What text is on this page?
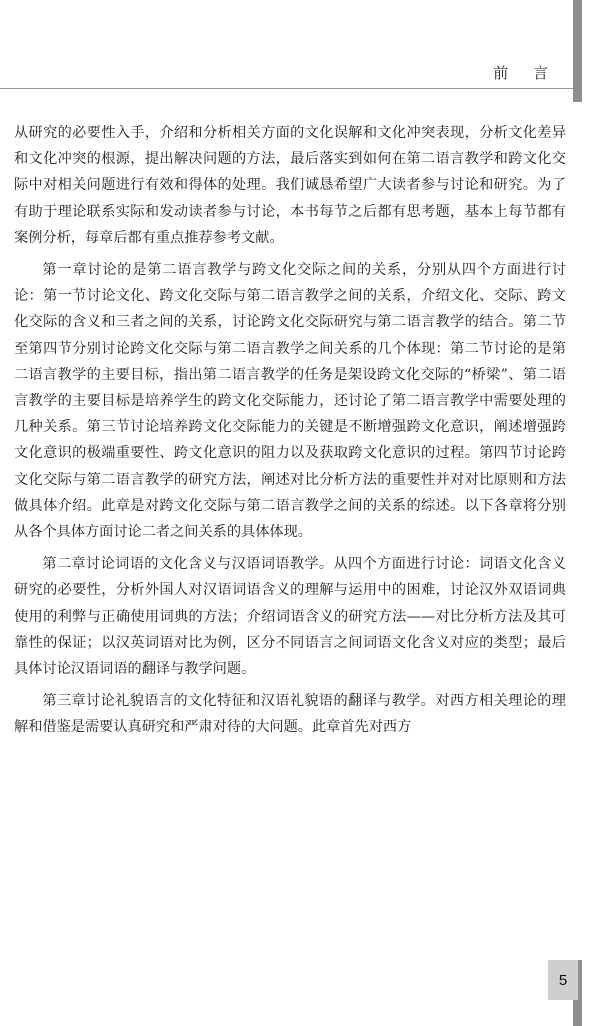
前 言

从研究的必要性入手，介绍和分析相关方面的文化误解和文化冲突表现，分析文化差异和文化冲突的根源，提出解决问题的方法，最后落实到如何在第二语言教学和跨文化交际中对相关问题进行有效和得体的处理。我们诚恳希望广大读者参与讨论和研究。为了有助于理论联系实际和发动读者参与讨论，本书每节之后都有思考题，基本上每节都有案例分析，每章后都有重点推荐参考文献。

第一章讨论的是第二语言教学与跨文化交际之间的关系，分别从四个方面进行讨论：第一节讨论文化、跨文化交际与第二语言教学之间的关系，介绍文化、交际、跨文化交际的含义和三者之间的关系，讨论跨文化交际研究与第二语言教学的结合。第二节至第四节分别讨论跨文化交际与第二语言教学之间关系的几个体现：第二节讨论的是第二语言教学的主要目标，指出第二语言教学的任务是架设跨文化交际的“桥梁”、第二语言教学的主要目标是培养学生的跨文化交际能力，还讨论了第二语言教学中需要处理的几种关系。第三节讨论培养跨文化交际能力的关键是不断增强跨文化意识，阐述增强跨文化意识的极端重要性、跨文化意识的阻力以及获取跨文化意识的过程。第四节讨论跨文化交际与第二语言教学的研究方法，阐述对比分析方法的重要性并对对比原则和方法做具体介绍。此章是对跨文化交际与第二语言教学之间的关系的综述。以下各章将分别从各个具体方面讨论二者之间关系的具体体现。

第二章讨论词语的文化含义与汉语词语教学。从四个方面进行讨论：词语文化含义研究的必要性，分析外国人对汉语词语含义的理解与运用中的困难，讨论汉外双语词典使用的利弊与正确使用词典的方法；介绍词语含义的研究方法——对比分析方法及其可靠性的保证；以汉英词语对比为例，区分不同语言之间词语文化含义对应的类型；最后具体讨论汉语词语的翻译与教学问题。

第三章讨论礼貌语言的文化特征和汉语礼貌语的翻译与教学。对西方相关理论的理解和借鉴是需要认真研究和严肃对待的大问题。此章首先对西方

5
